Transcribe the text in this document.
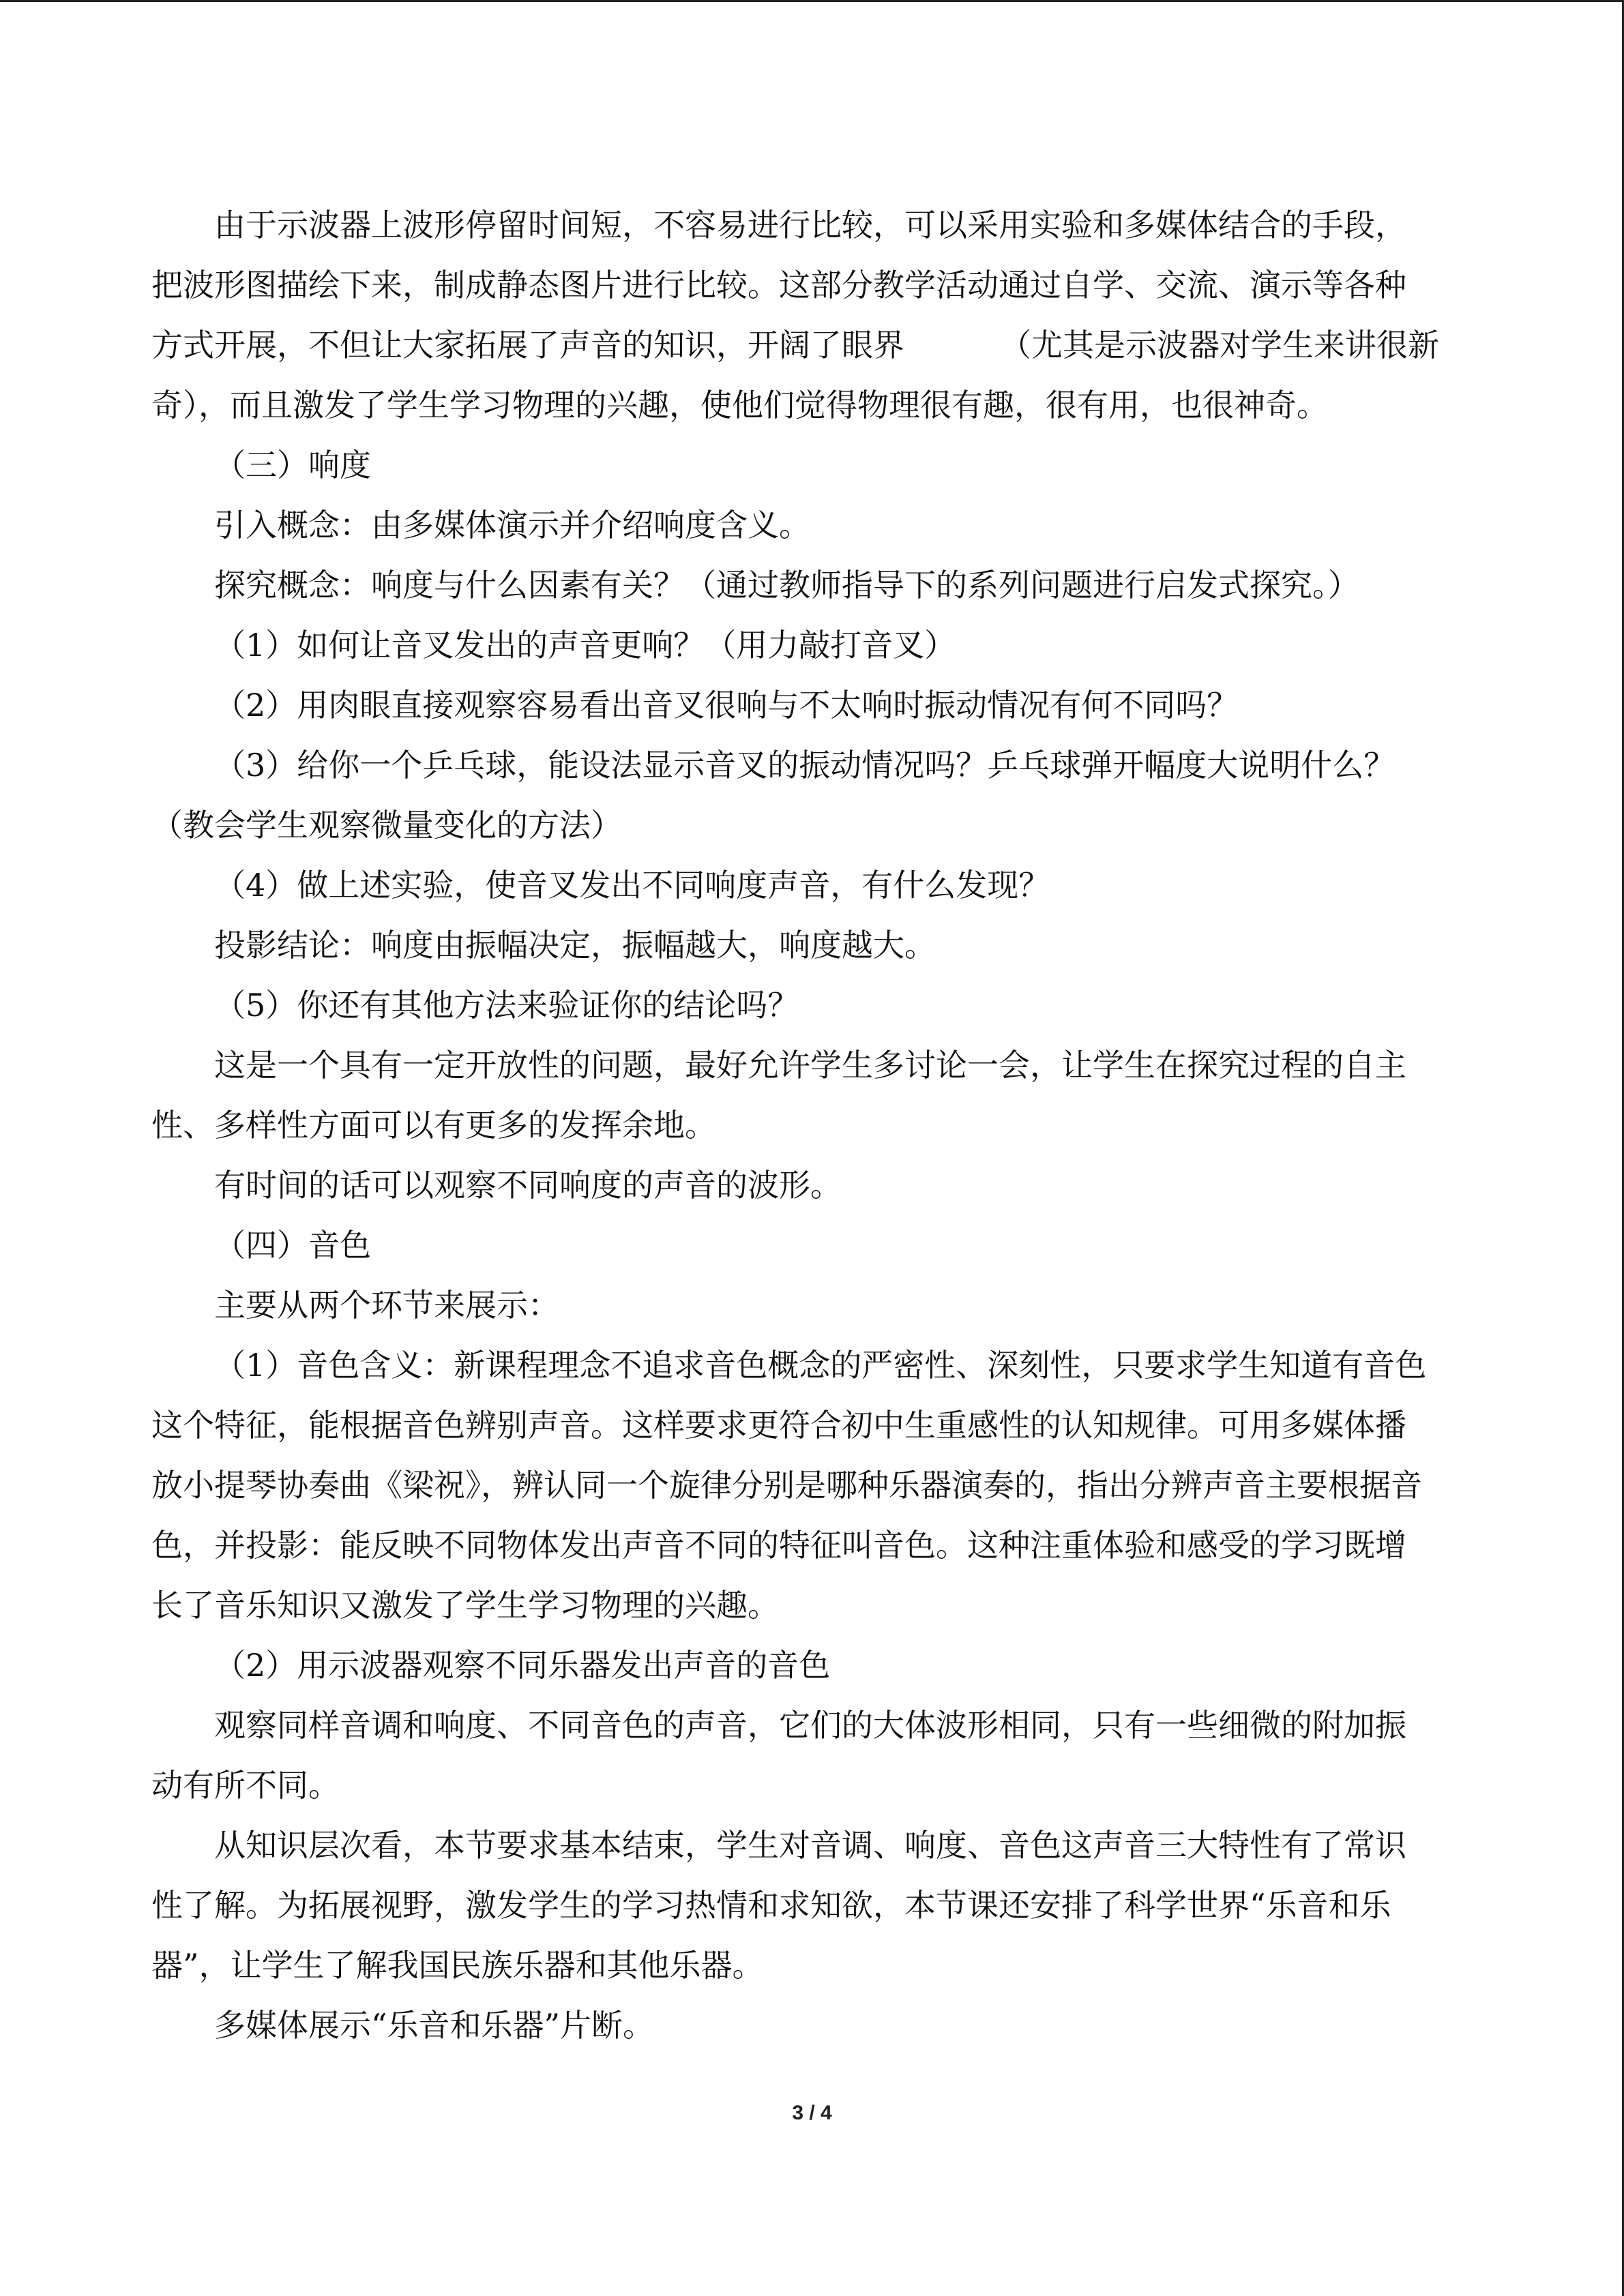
由于示波器上波形停留时间短，不容易进行比较，可以采用实验和多媒体结合的手段，
把波形图描绘下来，制成静态图片进行比较。这部分教学活动通过自学、交流、演示等各种
方式开展，不但让大家拓展了声音的知识，开阔了眼界	（尤其是示波器对学生来讲很新
奇），而且激发了学生学习物理的兴趣，使他们觉得物理很有趣，很有用，也很神奇。
（三）响度
引入概念：由多媒体演示并介绍响度含义。
探究概念：响度与什么因素有关？（通过教师指导下的系列问题进行启发式探究。）
（1）如何让音叉发出的声音更响？（用力敲打音叉）
（2）用肉眼直接观察容易看出音叉很响与不太响时振动情况有何不同吗？
（3）给你一个乒乓球，能设法显示音叉的振动情况吗？乒乓球弹开幅度大说明什么？
（教会学生观察微量变化的方法）
（4）做上述实验，使音叉发出不同响度声音，有什么发现？
投影结论：响度由振幅决定，振幅越大，响度越大。
（5）你还有其他方法来验证你的结论吗？
这是一个具有一定开放性的问题，最好允许学生多讨论一会，让学生在探究过程的自主
性、多样性方面可以有更多的发挥余地。
有时间的话可以观察不同响度的声音的波形。
（四）音色
主要从两个环节来展示：
（1）音色含义：新课程理念不追求音色概念的严密性、深刻性，只要求学生知道有音色
这个特征，能根据音色辨别声音。这样要求更符合初中生重感性的认知规律。可用多媒体播
放小提琴协奏曲《梁祝》，辨认同一个旋律分别是哪种乐器演奏的，指出分辨声音主要根据音
色，并投影：能反映不同物体发出声音不同的特征叫音色。这种注重体验和感受的学习既增
长了音乐知识又激发了学生学习物理的兴趣。
（2）用示波器观察不同乐器发出声音的音色
观察同样音调和响度、不同音色的声音，它们的大体波形相同，只有一些细微的附加振
动有所不同。
从知识层次看，本节要求基本结束，学生对音调、响度、音色这声音三大特性有了常识
性了解。为拓展视野，激发学生的学习热情和求知欲，本节课还安排了科学世界“乐音和乐
器”，让学生了解我国民族乐器和其他乐器。
多媒体展示“乐音和乐器”片断。
3 / 4
